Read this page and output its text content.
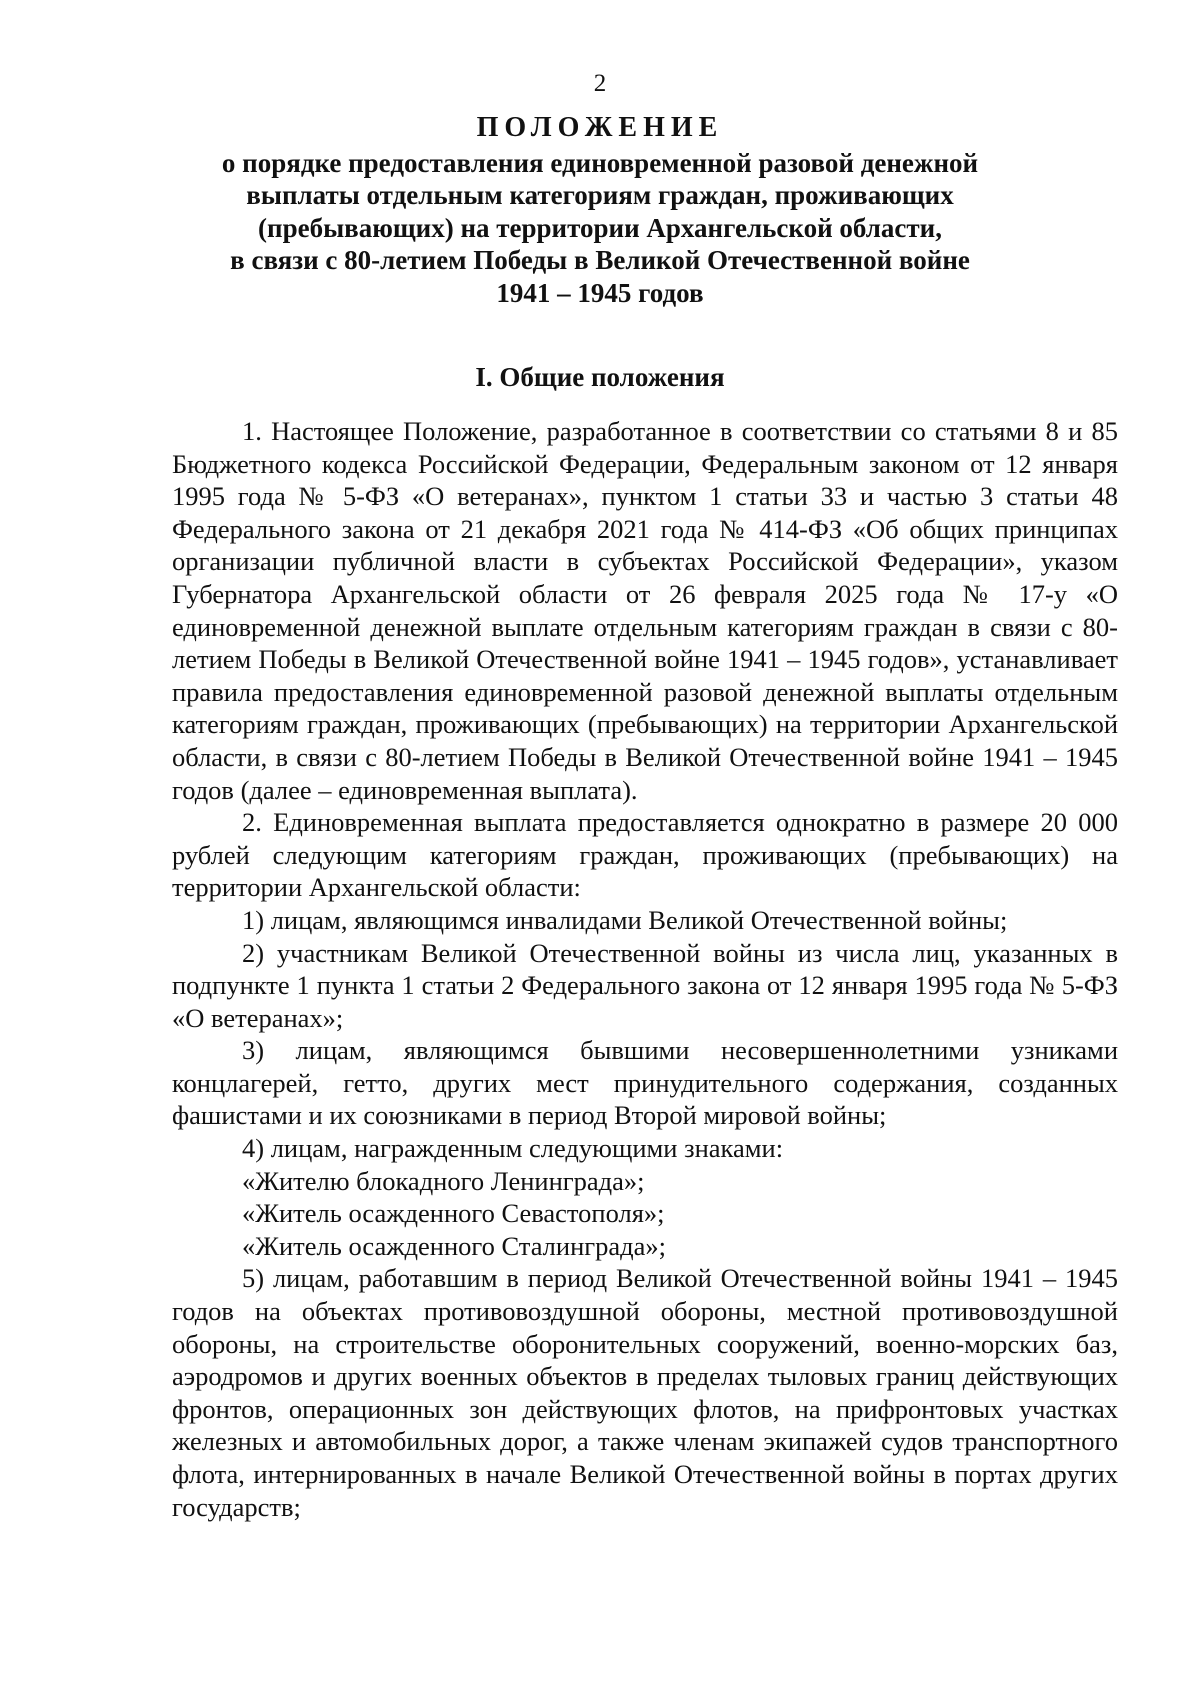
2
ПОЛОЖЕНИЕ
о порядке предоставления единовременной разовой денежной
выплаты отдельным категориям граждан, проживающих
(пребывающих) на территории Архангельской области,
в связи с 80-летием Победы в Великой Отечественной войне
1941 – 1945 годов
I. Общие положения

1. Настоящее Положение, разработанное в соответствии со статьями 8 и 85 Бюджетного кодекса Российской Федерации, Федеральным законом от 12 января 1995 года № 5-ФЗ «О ветеранах», пунктом 1 статьи 33 и частью 3 статьи 48 Федерального закона от 21 декабря 2021 года № 414-ФЗ «Об общих принципах организации публичной власти в субъектах Российской Федерации», указом Губернатора Архангельской области от 26 февраля 2025 года № 17-у «О единовременной денежной выплате отдельным категориям граждан в связи с 80-летием Победы в Великой Отечественной войне 1941 – 1945 годов», устанавливает правила предоставления единовременной разовой денежной выплаты отдельным категориям граждан, проживающих (пребывающих) на территории Архангельской области, в связи с 80-летием Победы в Великой Отечественной войне 1941 – 1945 годов (далее – единовременная выплата).

2. Единовременная выплата предоставляется однократно в размере 20 000 рублей следующим категориям граждан, проживающих (пребывающих) на территории Архангельской области:

1) лицам, являющимся инвалидами Великой Отечественной войны;

2) участникам Великой Отечественной войны из числа лиц, указанных в подпункте 1 пункта 1 статьи 2 Федерального закона от 12 января 1995 года № 5-ФЗ «О ветеранах»;

3) лицам, являющимся бывшими несовершеннолетними узниками концлагерей, гетто, других мест принудительного содержания, созданных фашистами и их союзниками в период Второй мировой войны;

4) лицам, награжденным следующими знаками:

«Жителю блокадного Ленинграда»;

«Житель осажденного Севастополя»;

«Житель осажденного Сталинграда»;

5) лицам, работавшим в период Великой Отечественной войны 1941 – 1945 годов на объектах противовоздушной обороны, местной противовоздушной обороны, на строительстве оборонительных сооружений, военно-морских баз, аэродромов и других военных объектов в пределах тыловых границ действующих фронтов, операционных зон действующих флотов, на прифронтовых участках железных и автомобильных дорог, а также членам экипажей судов транспортного флота, интернированных в начале Великой Отечественной войны в портах других государств;
